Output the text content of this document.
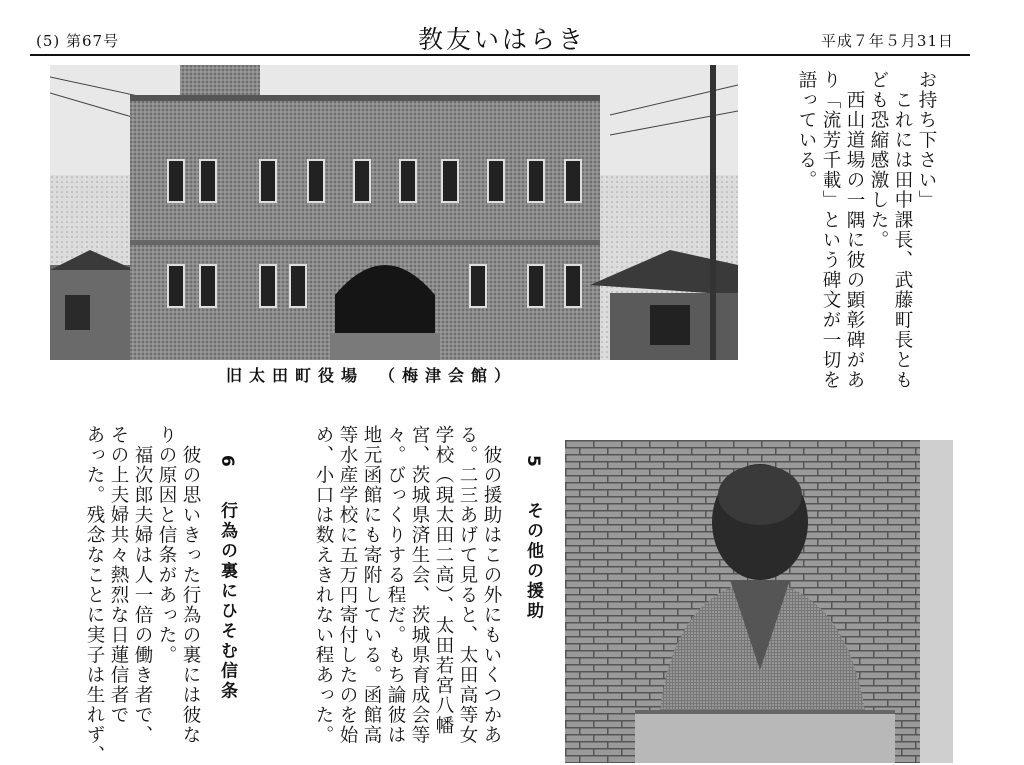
(5) 第67号	教友いはらき	平成７年５月31日
旧太田町役場　（梅津会館）
お持ち下さい」
　これには田中課長、武藤町長とも
ども恐縮感激した。
　西山道場の一隅に彼の顕彰碑があ
り「流芳千載」という碑文が一切を
語っている。
5  その他の援助
　彼の援助はこの外にもいくつかあ
る。二三あげて見ると、太田高等女
学校（現太田二高）、太田若宮八幡
宮、茨城県済生会、茨城県育成会等
々。びっくりする程だ。もち論彼は
地元函館にも寄附している。函館高
等水産学校に五万円寄付したのを始
め、小口は数えきれない程あった。
6  行為の裏にひそむ信条
　彼の思いきった行為の裏には彼な
りの原因と信条があった。
　福次郎夫婦は人一倍の働き者で、
その上夫婦共々熱烈な日蓮信者で
あった。残念なことに実子は生れず、
